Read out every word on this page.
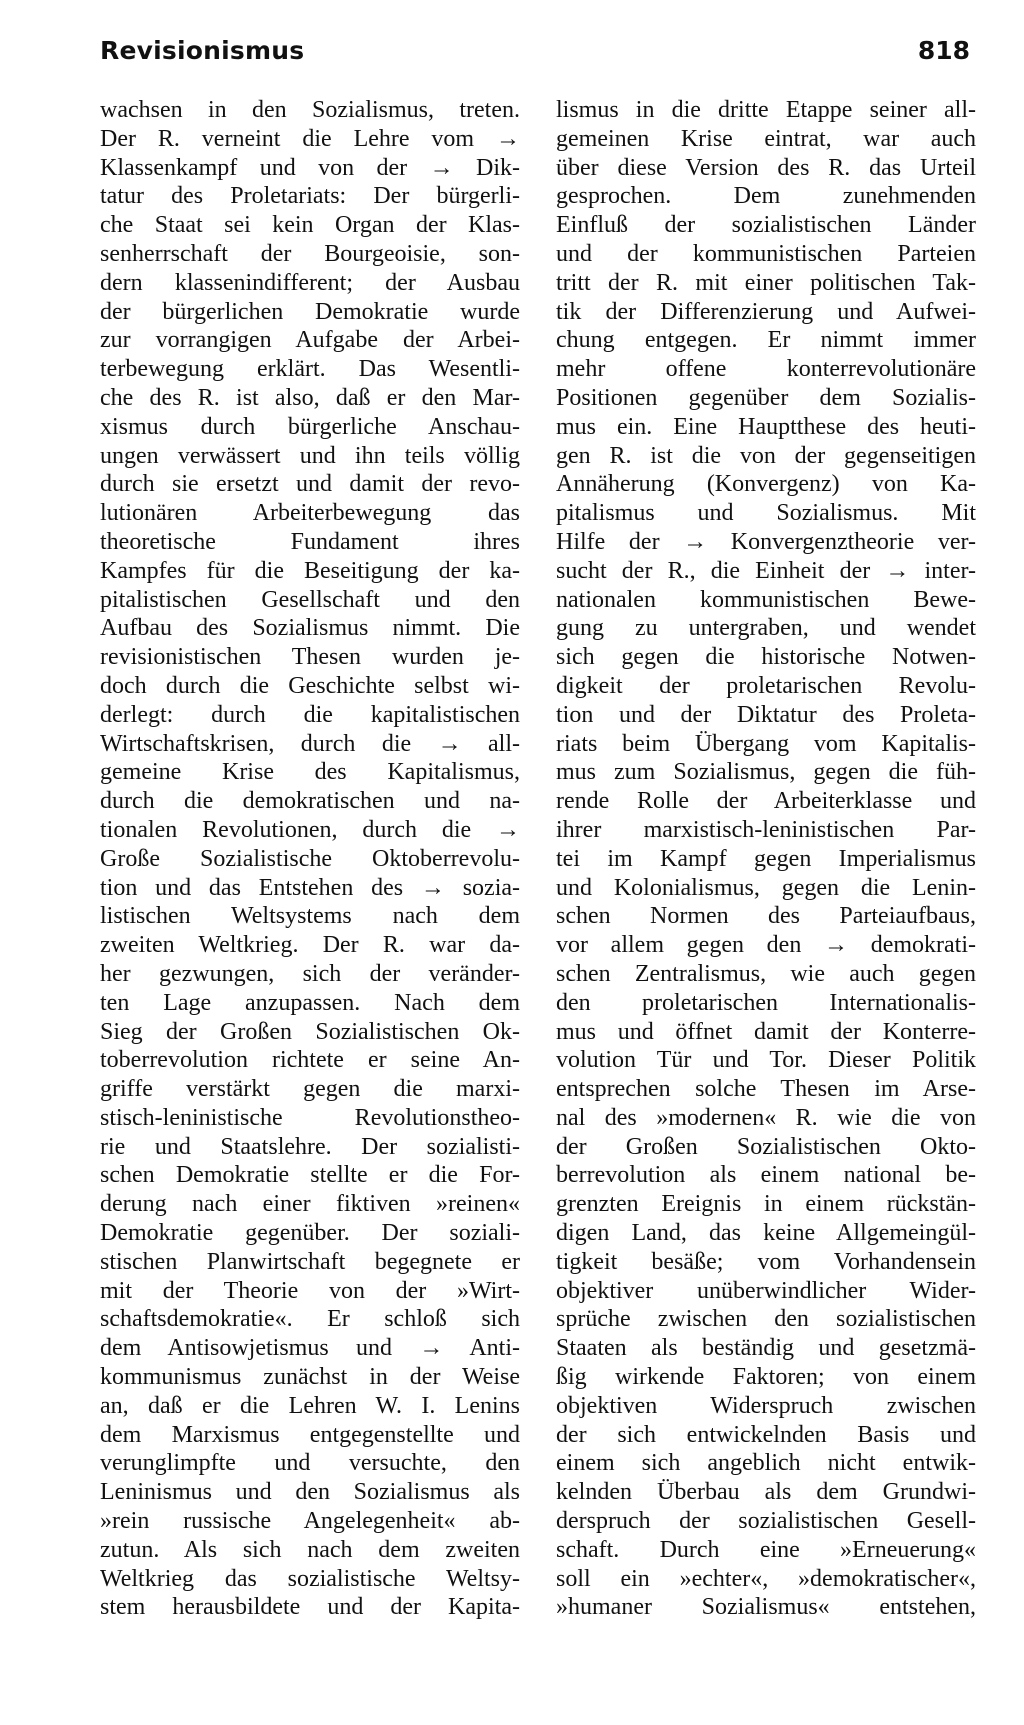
Revisionismus	818
wachsen in den Sozialismus, treten.
Der R. verneint die Lehre vom →
Klassenkampf und von der → Dik-
tatur des Proletariats: Der bürgerli-
che Staat sei kein Organ der Klas-
senherrschaft der Bourgeoisie, son-
dern klassenindifferent; der Ausbau
der bürgerlichen Demokratie wurde
zur vorrangigen Aufgabe der Arbei-
terbewegung erklärt. Das Wesentli-
che des R. ist also, daß er den Mar-
xismus durch bürgerliche Anschau-
ungen verwässert und ihn teils völlig
durch sie ersetzt und damit der revo-
lutionären Arbeiterbewegung das
theoretische Fundament ihres
Kampfes für die Beseitigung der ka-
pitalistischen Gesellschaft und den
Aufbau des Sozialismus nimmt. Die
revisionistischen Thesen wurden je-
doch durch die Geschichte selbst wi-
derlegt: durch die kapitalistischen
Wirtschaftskrisen, durch die → all-
gemeine Krise des Kapitalismus,
durch die demokratischen und na-
tionalen Revolutionen, durch die →
Große Sozialistische Oktoberrevolu-
tion und das Entstehen des → sozia-
listischen Weltsystems nach dem
zweiten Weltkrieg. Der R. war da-
her gezwungen, sich der veränder-
ten Lage anzupassen. Nach dem
Sieg der Großen Sozialistischen Ok-
toberrevolution richtete er seine An-
griffe verstärkt gegen die marxi-
stisch-leninistische Revolutionstheo-
rie und Staatslehre. Der sozialisti-
schen Demokratie stellte er die For-
derung nach einer fiktiven »reinen«
Demokratie gegenüber. Der soziali-
stischen Planwirtschaft begegnete er
mit der Theorie von der »Wirt-
schaftsdemokratie«. Er schloß sich
dem Antisowjetismus und → Anti-
kommunismus zunächst in der Weise
an, daß er die Lehren W. I. Lenins
dem Marxismus entgegenstellte und
verunglimpfte und versuchte, den
Leninismus und den Sozialismus als
»rein russische Angelegenheit« ab-
zutun. Als sich nach dem zweiten
Weltkrieg das sozialistische Weltsy-
stem herausbildete und der Kapita-
lismus in die dritte Etappe seiner all-
gemeinen Krise eintrat, war auch
über diese Version des R. das Urteil
gesprochen. Dem zunehmenden
Einfluß der sozialistischen Länder
und der kommunistischen Parteien
tritt der R. mit einer politischen Tak-
tik der Differenzierung und Aufwei-
chung entgegen. Er nimmt immer
mehr offene konterrevolutionäre
Positionen gegenüber dem Sozialis-
mus ein. Eine Hauptthese des heuti-
gen R. ist die von der gegenseitigen
Annäherung (Konvergenz) von Ka-
pitalismus und Sozialismus. Mit
Hilfe der → Konvergenztheorie ver-
sucht der R., die Einheit der → inter-
nationalen kommunistischen Bewe-
gung zu untergraben, und wendet
sich gegen die historische Notwen-
digkeit der proletarischen Revolu-
tion und der Diktatur des Proleta-
riats beim Übergang vom Kapitalis-
mus zum Sozialismus, gegen die füh-
rende Rolle der Arbeiterklasse und
ihrer marxistisch-leninistischen Par-
tei im Kampf gegen Imperialismus
und Kolonialismus, gegen die Lenin-
schen Normen des Parteiaufbaus,
vor allem gegen den → demokrati-
schen Zentralismus, wie auch gegen
den proletarischen Internationalis-
mus und öffnet damit der Konterre-
volution Tür und Tor. Dieser Politik
entsprechen solche Thesen im Arse-
nal des »modernen« R. wie die von
der Großen Sozialistischen Okto-
berrevolution als einem national be-
grenzten Ereignis in einem rückstän-
digen Land, das keine Allgemeingül-
tigkeit besäße; vom Vorhandensein
objektiver unüberwindlicher Wider-
sprüche zwischen den sozialistischen
Staaten als beständig und gesetzmä-
ßig wirkende Faktoren; von einem
objektiven Widerspruch zwischen
der sich entwickelnden Basis und
einem sich angeblich nicht entwik-
kelnden Überbau als dem Grundwi-
derspruch der sozialistischen Gesell-
schaft. Durch eine »Erneuerung«
soll ein »echter«, »demokratischer«,
»humaner Sozialismus« entstehen,
